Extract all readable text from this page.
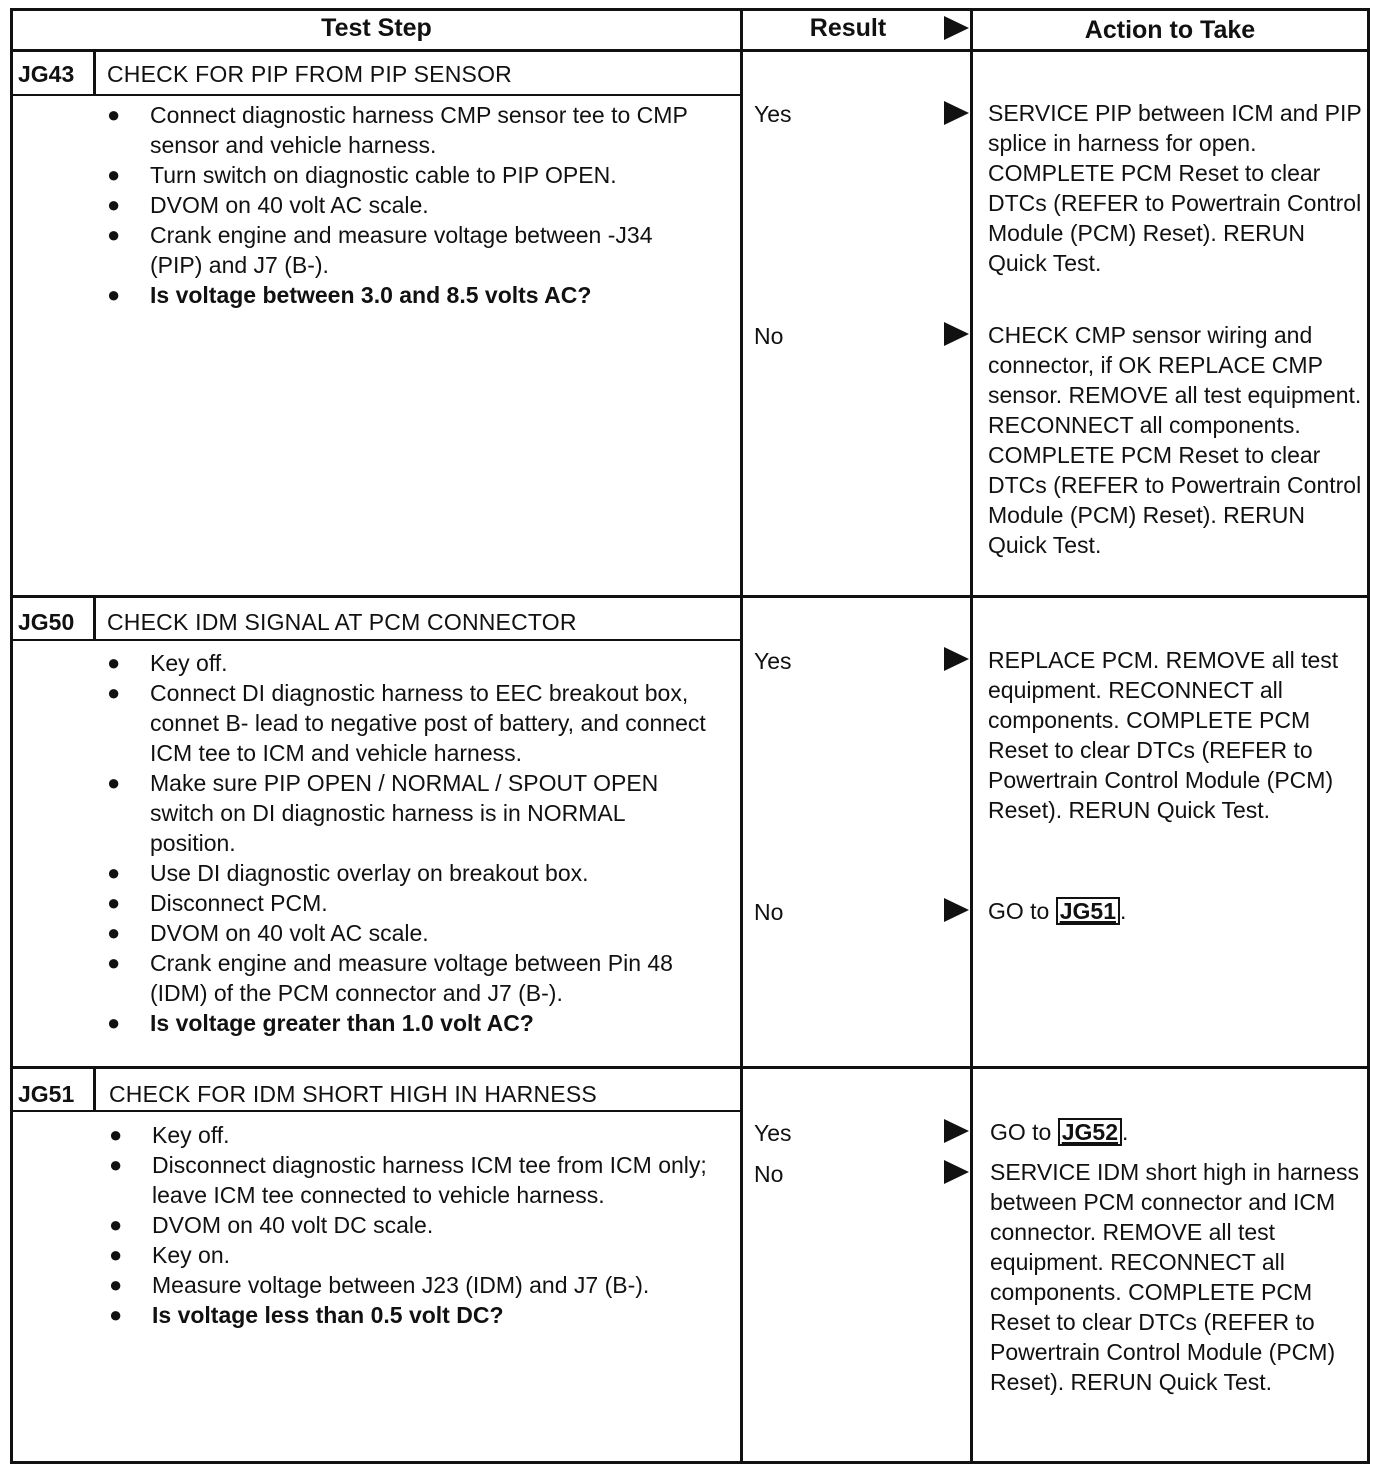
Test Step	Result	Action to Take
JG43 CHECK FOR PIP FROM PIP SENSOR
● Connect diagnostic harness CMP sensor tee to CMP sensor and vehicle harness.
● Turn switch on diagnostic cable to PIP OPEN.
● DVOM on 40 volt AC scale.
● Crank engine and measure voltage between -J34 (PIP) and J7 (B-).
● Is voltage between 3.0 and 8.5 volts AC?
Yes	SERVICE PIP between ICM and PIP splice in harness for open. COMPLETE PCM Reset to clear DTCs (REFER to Powertrain Control Module (PCM) Reset). RERUN Quick Test.
No	CHECK CMP sensor wiring and connector, if OK REPLACE CMP sensor. REMOVE all test equipment. RECONNECT all components. COMPLETE PCM Reset to clear DTCs (REFER to Powertrain Control Module (PCM) Reset). RERUN Quick Test.
JG50 CHECK IDM SIGNAL AT PCM CONNECTOR
● Key off.
● Connect DI diagnostic harness to EEC breakout box, connet B- lead to negative post of battery, and connect ICM tee to ICM and vehicle harness.
● Make sure PIP OPEN / NORMAL / SPOUT OPEN switch on DI diagnostic harness is in NORMAL position.
● Use DI diagnostic overlay on breakout box.
● Disconnect PCM.
● DVOM on 40 volt AC scale.
● Crank engine and measure voltage between Pin 48 (IDM) of the PCM connector and J7 (B-).
● Is voltage greater than 1.0 volt AC?
Yes	REPLACE PCM. REMOVE all test equipment. RECONNECT all components. COMPLETE PCM Reset to clear DTCs (REFER to Powertrain Control Module (PCM) Reset). RERUN Quick Test.
No	GO to JG51 .
JG51 CHECK FOR IDM SHORT HIGH IN HARNESS
● Key off.
● Disconnect diagnostic harness ICM tee from ICM only; leave ICM tee connected to vehicle harness.
● DVOM on 40 volt DC scale.
● Key on.
● Measure voltage between J23 (IDM) and J7 (B-).
● Is voltage less than 0.5 volt DC?
Yes	GO to JG52 .
No	SERVICE IDM short high in harness between PCM connector and ICM connector. REMOVE all test equipment. RECONNECT all components. COMPLETE PCM Reset to clear DTCs (REFER to Powertrain Control Module (PCM) Reset). RERUN Quick Test.
